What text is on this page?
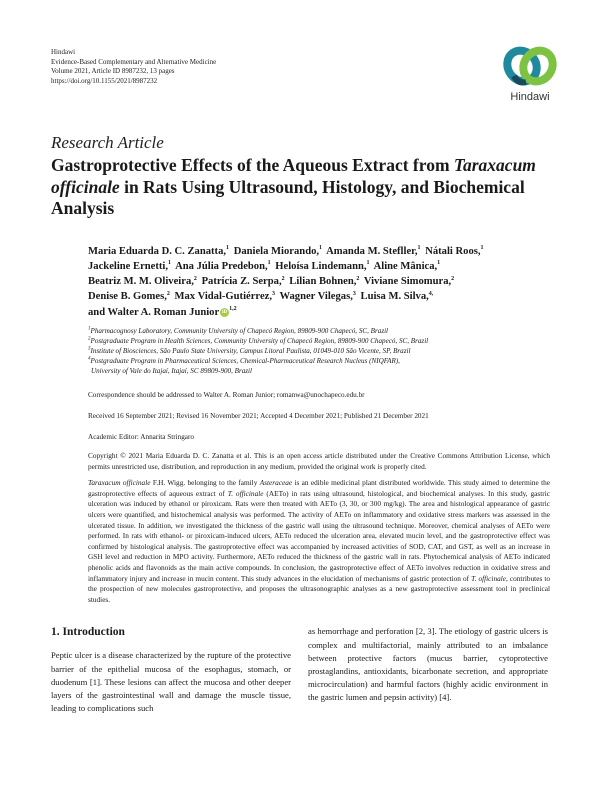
Hindawi
Evidence-Based Complementary and Alternative Medicine
Volume 2021, Article ID 8987232, 13 pages
https://doi.org/10.1155/2021/8987232
Hindawi
Research Article
Gastroprotective Effects of the Aqueous Extract from Taraxacum officinale in Rats Using Ultrasound, Histology, and Biochemical Analysis
Maria Eduarda D. C. Zanatta,$^1$ Daniela Miorando,$^1$ Amanda M. Stefller,$^1$ Nátali Roos,$^1$
Jackeline Ernetti,$^1$ Ana Júlia Predebon,$^1$ Heloísa Lindemann,$^1$ Aline Mânica,$^1$
Beatriz M. M. Oliveira,$^2$ Patrícia Z. Serpa,$^2$ Lilian Bohnen,$^2$ Viviane Simomura,$^2$
Denise B. Gomes,$^2$ Max Vidal-Gutiérrez,$^3$ Wagner Vilegas,$^3$ Luisa M. Silva,$^{4,}$
and Walter A. Roman Junior iD$^{1,2}$
$^1$Pharmacognosy Laboratory, Community University of Chapecó Region, 89809-900 Chapecó, SC, Brazil
$^2$Postgraduate Program in Health Sciences, Community University of Chapecó Region, 89809-900 Chapecó, SC, Brazil
$^3$Institute of Biosciences, São Paulo State University, Campus Litoral Paulista, 01049-010 São Vicente, SP, Brazil
$^4$Postgraduate Program in Pharmaceutical Sciences, Chemical-Pharmaceutical Research Nucleus (NIQFAR),
University of Vale do Itajaí, Itajaí, SC 89809-900, Brazil
Correspondence should be addressed to Walter A. Roman Junior; romanwa@unochapeco.edu.br
Received 16 September 2021; Revised 16 November 2021; Accepted 4 December 2021; Published 21 December 2021
Academic Editor: Annarita Stringaro
Copyright © 2021 Maria Eduarda D. C. Zanatta et al. This is an open access article distributed under the Creative Commons Attribution License, which permits unrestricted use, distribution, and reproduction in any medium, provided the original work is properly cited.
Taraxacum officinale F.H. Wigg. belonging to the family Asteraceae is an edible medicinal plant distributed worldwide. This study aimed to determine the gastroprotective effects of aqueous extract of T. officinale (AETo) in rats using ultrasound, histological, and biochemical analyses. In this study, gastric ulceration was induced by ethanol or piroxicam. Rats were then treated with AETo (3, 30, or 300 mg/kg). The area and histological appearance of gastric ulcers were quantified, and histochemical analysis was performed. The activity of AETo on inflammatory and oxidative stress markers was assessed in the ulcerated tissue. In addition, we investigated the thickness of the gastric wall using the ultrasound technique. Moreover, chemical analyses of AETo were performed. In rats with ethanol- or piroxicam-induced ulcers, AETo reduced the ulceration area, elevated mucin level, and the gastroprotective effect was confirmed by histological analysis. The gastroprotective effect was accompanied by increased activities of SOD, CAT, and GST, as well as an increase in GSH level and reduction in MPO activity. Furthermore, AETo reduced the thickness of the gastric wall in rats. Phytochemical analysis of AETo indicated phenolic acids and flavonoids as the main active compounds. In conclusion, the gastroprotective effect of AETo involves reduction in oxidative stress and inflammatory injury and increase in mucin content. This study advances in the elucidation of mechanisms of gastric protection of T. officinale, contributes to the prospection of new molecules gastroprotective, and proposes the ultrasonographic analyses as a new gastroprotective assessment tool in preclinical studies.
1. Introduction
Peptic ulcer is a disease characterized by the rupture of the protective barrier of the epithelial mucosa of the esophagus, stomach, or duodenum [1]. These lesions can affect the mucosa and other deeper layers of the gastrointestinal wall and damage the muscle tissue, leading to complications such
as hemorrhage and perforation [2, 3]. The etiology of gastric ulcers is complex and multifactorial, mainly attributed to an imbalance between protective factors (mucus barrier, cytoprotective prostaglandins, antioxidants, bicarbonate secretion, and appropriate microcirculation) and harmful factors (highly acidic environment in the gastric lumen and pepsin activity) [4].
